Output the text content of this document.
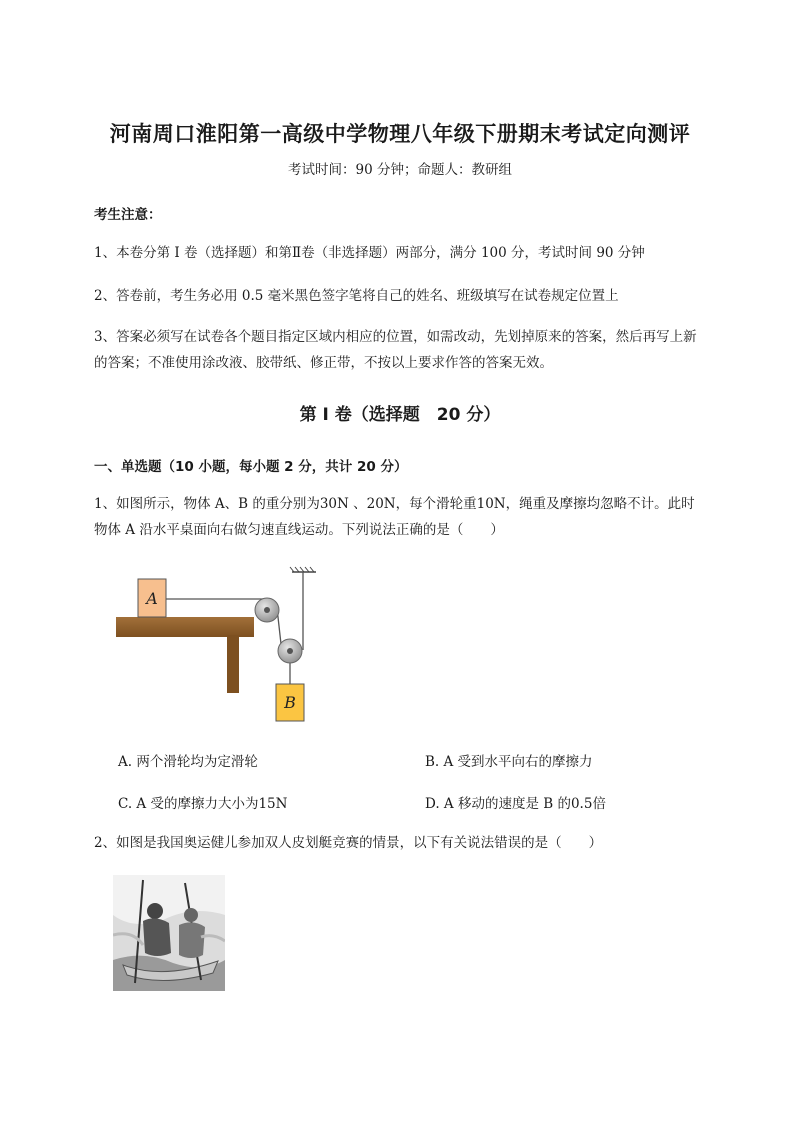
河南周口淮阳第一高级中学物理八年级下册期末考试定向测评
考试时间：90 分钟；命题人：教研组
考生注意：
1、本卷分第 I 卷（选择题）和第Ⅱ卷（非选择题）两部分，满分 100 分，考试时间 90 分钟
2、答卷前，考生务必用 0.5 毫米黑色签字笔将自己的姓名、班级填写在试卷规定位置上
3、答案必须写在试卷各个题目指定区域内相应的位置，如需改动，先划掉原来的答案，然后再写上新
的答案；不准使用涂改液、胶带纸、修正带，不按以上要求作答的答案无效。
第 I 卷（选择题　20 分）
一、单选题（10 小题，每小题 2 分，共计 20 分）
1、如图所示，物体 A、B 的重分别为30N 、20N，每个滑轮重10N，绳重及摩擦均忽略不计。此时
物体 A 沿水平桌面向右做匀速直线运动。下列说法正确的是（　　）
A
B
A. 两个滑轮均为定滑轮	B. A 受到水平向右的摩擦力
C. A 受的摩擦力大小为15N	D. A 移动的速度是 B 的0.5倍
2、如图是我国奥运健儿参加双人皮划艇竞赛的情景，以下有关说法错误的是（　　）
